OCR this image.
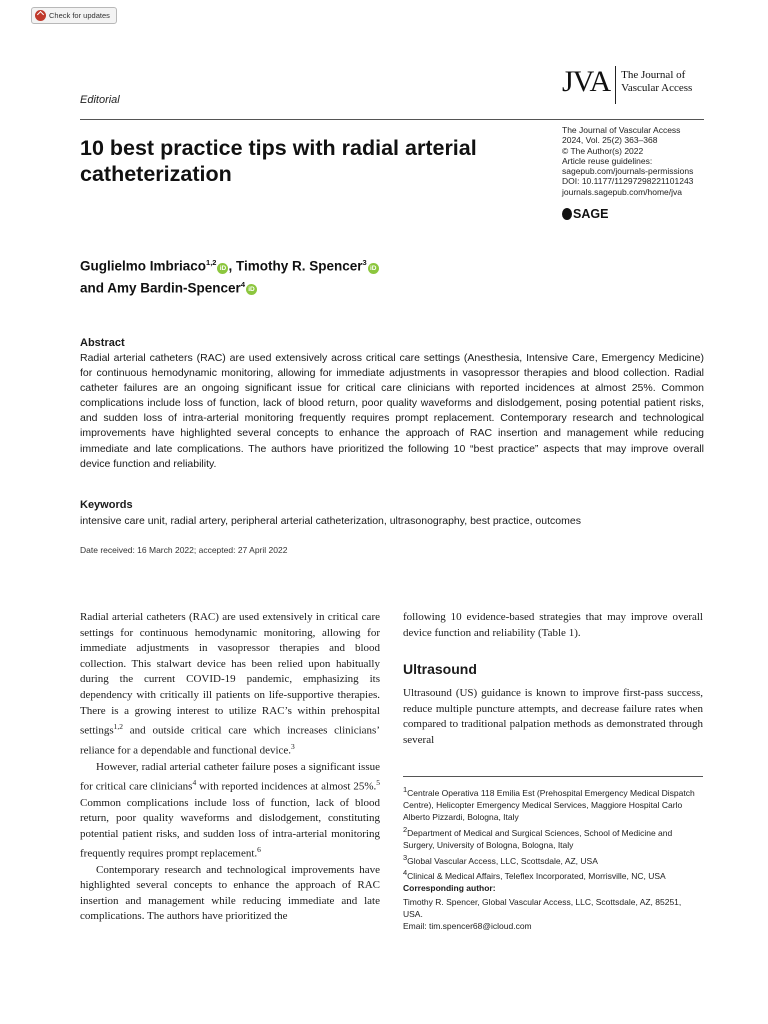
Check for updates
Editorial
JVA	The Journal of Vascular Access
10 best practice tips with radial arterial catheterization
The Journal of Vascular Access
2024, Vol. 25(2) 363–368
© The Author(s) 2022
Article reuse guidelines:
sagepub.com/journals-permissions
DOI: 10.1177/11297298221101243
journals.sagepub.com/home/jva
SAGE
Guglielmo Imbriaco$^{1,2}$iD , Timothy R. Spencer$^3$iD
and Amy Bardin-Spencer$^4$iD
Abstract
Radial arterial catheters (RAC) are used extensively across critical care settings (Anesthesia, Intensive Care, Emergency Medicine) for continuous hemodynamic monitoring, allowing for immediate adjustments in vasopressor therapies and blood collection. Radial catheter failures are an ongoing significant issue for critical care clinicians with reported incidences at almost 25%. Common complications include loss of function, lack of blood return, poor quality waveforms and dislodgement, posing potential patient risks, and sudden loss of intra-arterial monitoring frequently requires prompt replacement. Contemporary research and technological improvements have highlighted several concepts to enhance the approach of RAC insertion and management while reducing immediate and late complications. The authors have prioritized the following 10 “best practice” aspects that may improve overall device function and reliability.
Keywords
intensive care unit, radial artery, peripheral arterial catheterization, ultrasonography, best practice, outcomes
Date received: 16 March 2022; accepted: 27 April 2022

Radial arterial catheters (RAC) are used extensively in critical care settings for continuous hemodynamic monitoring, allowing for immediate adjustments in vasopressor therapies and blood collection. This stalwart device has been relied upon habitually during the current COVID-19 pandemic, emphasizing its dependency with critically ill patients on life-supportive therapies. There is a growing interest to utilize RAC’s within prehospital settings$^{1,2}$ and outside critical care which increases clinicians’ reliance for a dependable and functional device.$^3$

However, radial arterial catheter failure poses a significant issue for critical care clinicians$^4$ with reported incidences at almost 25%.$^5$ Common complications include loss of function, lack of blood return, poor quality waveforms and dislodgement, constituting potential patient risks, and sudden loss of intra-arterial monitoring frequently requires prompt replacement.$^6$

Contemporary research and technological improvements have highlighted several concepts to enhance the approach of RAC insertion and management while reducing immediate and late complications. The authors have prioritized the

following 10 evidence-based strategies that may improve overall device function and reliability (Table 1).

Ultrasound
Ultrasound (US) guidance is known to improve first-pass success, reduce multiple puncture attempts, and decrease failure rates when compared to traditional palpation methods as demonstrated through several
$^1$Centrale Operativa 118 Emilia Est (Prehospital Emergency Medical Dispatch Centre), Helicopter Emergency Medical Services, Maggiore Hospital Carlo Alberto Pizzardi, Bologna, Italy
$^2$Department of Medical and Surgical Sciences, School of Medicine and Surgery, University of Bologna, Bologna, Italy
$^3$Global Vascular Access, LLC, Scottsdale, AZ, USA
$^4$Clinical & Medical Affairs, Teleflex Incorporated, Morrisville, NC, USA
Corresponding author:
Timothy R. Spencer, Global Vascular Access, LLC, Scottsdale, AZ, 85251, USA.
Email: tim.spencer68@icloud.com
